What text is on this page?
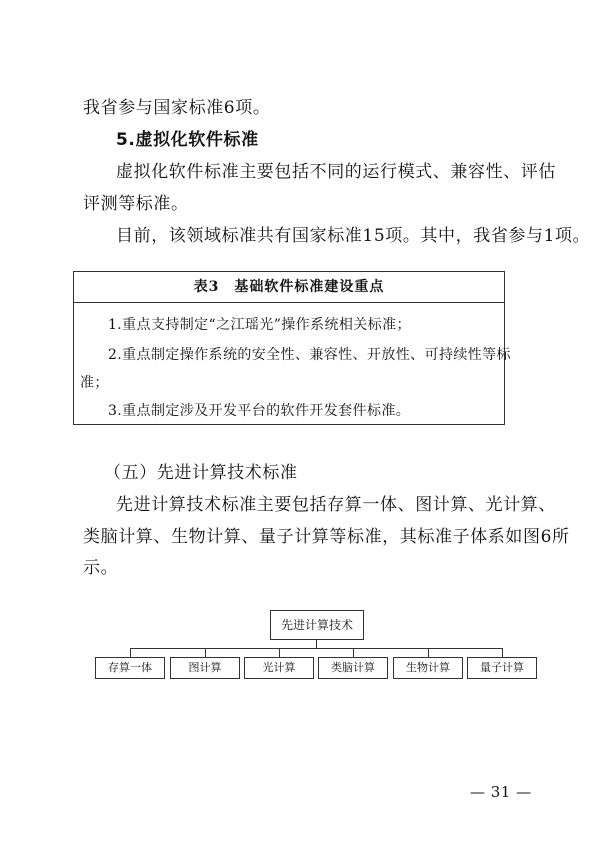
我省参与国家标准6项。
5.虚拟化软件标准
虚拟化软件标准主要包括不同的运行模式、兼容性、评估
评测等标准。
目前，该领域标准共有国家标准15项。其中，我省参与1项。
表3　基础软件标准建设重点
1.重点支持制定“之江瑶光”操作系统相关标准；
2.重点制定操作系统的安全性、兼容性、开放性、可持续性等标
准；
3.重点制定涉及开发平台的软件开发套件标准。
（五）先进计算技术标准
先进计算技术标准主要包括存算一体、图计算、光计算、
类脑计算、生物计算、量子计算等标准，其标准子体系如图6所
示。
先进计算技术
存算一体	图计算	光计算	类脑计算	生物计算	量子计算
— 31 —
